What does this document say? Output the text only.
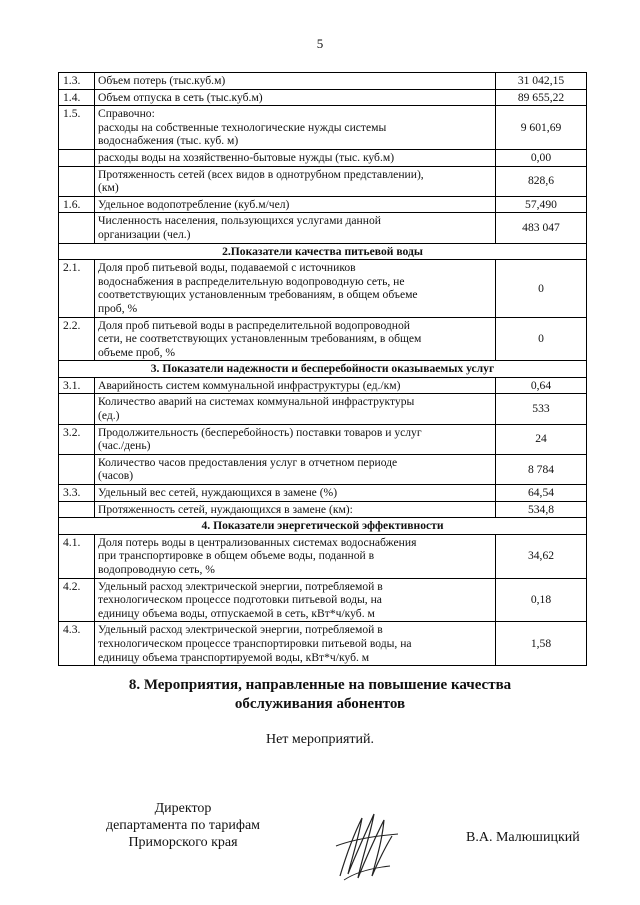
5
1.3.	Объем потерь (тыс.куб.м)	31 042,15
1.4.	Объем отпуска в сеть (тыс.куб.м)	89 655,22
1.5.	Справочно:
расходы на собственные технологические нужды системы
водоснабжения (тыс. куб. м)	9 601,69

	расходы воды на хозяйственно-бытовые нужды (тыс. куб.м)	0,00

	Протяженность сетей (всех видов в однотрубном представлении),
(км)	828,6
1.6.	Удельное водопотребление (куб.м/чел)	57,490

	Численность населения, пользующихся услугами данной
организации (чел.)	483 047
2.Показатели качества питьевой воды		
2.1.	Доля проб питьевой воды, подаваемой с источников
водоснабжения в распределительную водопроводную сеть, не
соответствующих установленным требованиям, в общем объеме
проб, %	0
2.2.	Доля проб питьевой воды в распределительной водопроводной
сети, не соответствующих установленным требованиям, в общем
объеме проб, %	0
3. Показатели надежности и бесперебойности оказываемых услуг		
3.1.	Аварийность систем коммунальной инфраструктуры (ед./км)	0,64

	Количество аварий на системах коммунальной инфраструктуры
(ед.)	533
3.2.	Продолжительность (бесперебойность) поставки товаров и услуг
(час./день)	24

	Количество часов предоставления услуг в отчетном периоде
(часов)	8 784
3.3.	Удельный вес сетей, нуждающихся в замене (%)	64,54

	Протяженность сетей, нуждающихся в замене (км):	534,8
4. Показатели энергетической эффективности		
4.1.	Доля потерь воды в централизованных системах водоснабжения
при транспортировке в общем объеме воды, поданной в
водопроводную сеть, %	34,62
4.2.	Удельный расход электрической энергии, потребляемой в
технологическом процессе подготовки питьевой воды, на
единицу объема воды, отпускаемой в сеть, кВт*ч/куб. м	0,18
4.3.	Удельный расход электрической энергии, потребляемой в
технологическом процессе транспортировки питьевой воды, на
единицу объема транспортируемой воды, кВт*ч/куб. м	1,58
8. Мероприятия, направленные на повышение качества
обслуживания абонентов
Нет мероприятий.
Директор
департамента по тарифам
Приморского края	В.А. Малюшицкий
